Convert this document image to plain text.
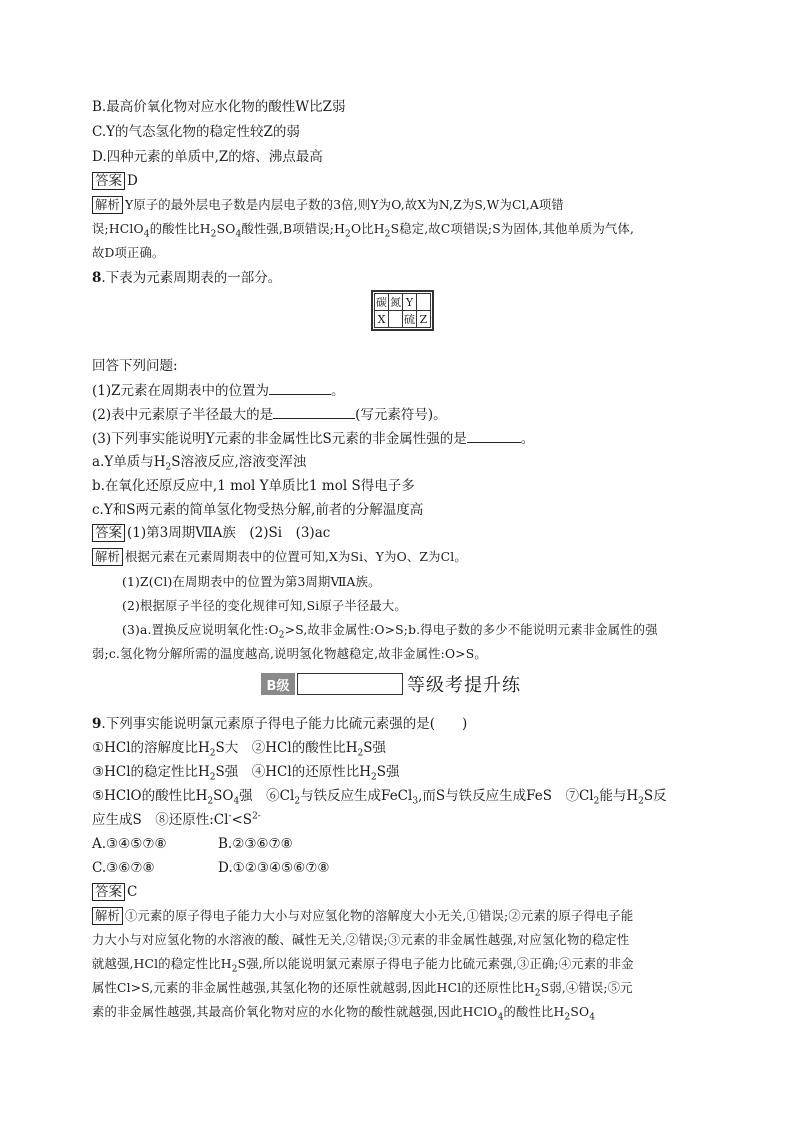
B.最高价氧化物对应水化物的酸性W比Z弱
C.Y的气态氢化物的稳定性较Z的弱
D.四种元素的单质中,Z的熔、沸点最高
答案 D
解析 Y原子的最外层电子数是内层电子数的3倍,则Y为O,故X为N,Z为S,W为Cl,A项错
误;HClO$_4$的酸性比$H_2SO_4$酸性强,B项错误$;H_2O$比$H_2S$稳定,故C项错误;S为固体,其他单质为气体,
故D项正确。
8.下表为元素周期表的一部分。
碳	氮	Y	
X		硫	Z
回答下列问题:
(1)Z元素在周期表中的位置为	。
(2)表中元素原子半径最大的是	(写元素符号)。
(3)下列事实能说明Y元素的非金属性比S元素的非金属性强的是	。
a.Y单质与$H_2S$溶液反应,溶液变浑浊
b.在氧化还原反应中,1 mol Y单质比1 mol S得电子多
c.Y和S两元素的简单氢化物受热分解,前者的分解温度高
答案 (1)第3周期ⅦA族　(2)Si　(3)ac
解析 根据元素在元素周期表中的位置可知,X为Si、Y为O、Z为Cl。
(1)Z(Cl)在周期表中的位置为第3周期ⅦA族。
(2)根据原子半径的变化规律可知,Si原子半径最大。
(3)a.置换反应说明氧化性$:O_2>S$,故非金属性:O>S;b.得电子数的多少不能说明元素非金属性的强
弱;c.氢化物分解所需的温度越高,说明氢化物越稳定,故非金属性:O>S。
B级	等级考提升练
9.下列事实能说明氯元素原子得电子能力比硫元素强的是(　　)
①HCl的溶解度比$H_2S$大　②HCl的酸性比$H_2S$强
③HCl的稳定性比$H_2S$强　④HCl的还原性比$H_2S$强
⑤HClO的酸性比$H_2SO_4$强　$⑥Cl_2$与铁反应生成FeCl$_3$,而S与铁反应生成FeS　$⑦Cl_2$能与$H_2S$反
应生成S　⑧还原性$:Cl^-<S^{2-}$
A.③④⑤⑦⑧	B.②③⑥⑦⑧
C.③⑥⑦⑧	D.①②③④⑤⑥⑦⑧
答案 C
解析 ①元素的原子得电子能力大小与对应氢化物的溶解度大小无关,①错误;②元素的原子得电子能
力大小与对应氢化物的水溶液的酸、碱性无关,②错误;③元素的非金属性越强,对应氢化物的稳定性
就越强,HCl的稳定性比$H_2S$强,所以能说明氯元素原子得电子能力比硫元素强,③正确;④元素的非金
属性Cl>S,元素的非金属性越强,其氢化物的还原性就越弱,因此HCl的还原性比$H_2S$弱,④错误;⑤元
素的非金属性越强,其最高价氧化物对应的水化物的酸性就越强,因此HClO$_4$的酸性比$H_2SO_4$
